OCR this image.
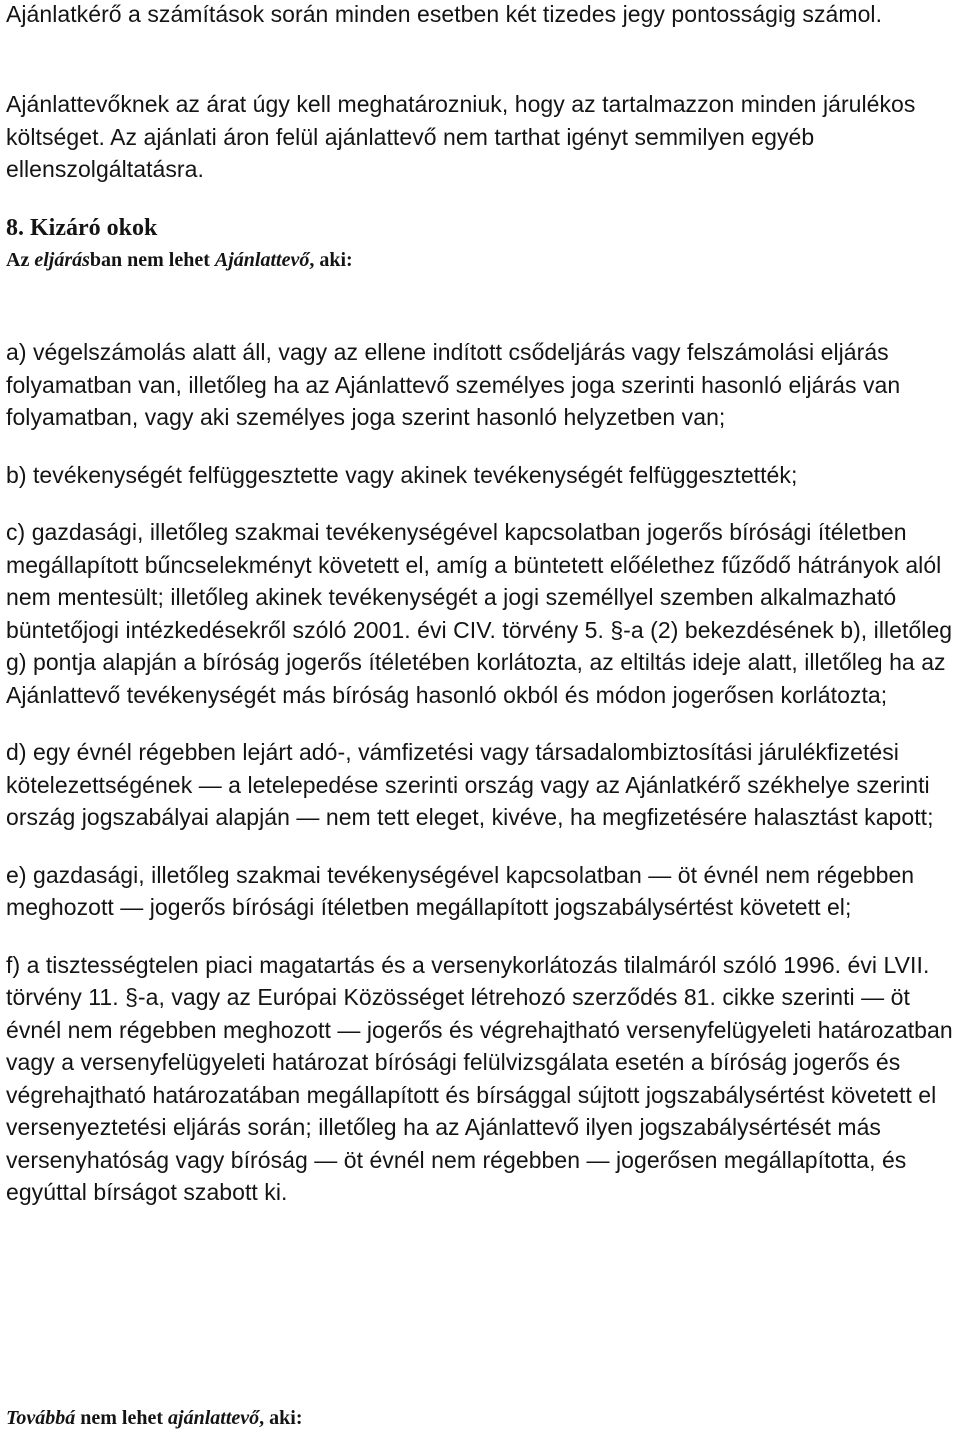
Ajánlatkérő a számítások során minden esetben két tizedes jegy pontosságig számol.

Ajánlattevőknek az árat úgy kell meghatározniuk, hogy az tartalmazzon minden járulékos költséget. Az ajánlati áron felül ajánlattevő nem tarthat igényt semmilyen egyéb ellenszolgáltatásra.

8. Kizáró okok

Az eljárásban nem lehet Ajánlattevő, aki:

a) végelszámolás alatt áll, vagy az ellene indított csődeljárás vagy felszámolási eljárás folyamatban van, illetőleg ha az Ajánlattevő személyes joga szerinti hasonló eljárás van folyamatban, vagy aki személyes joga szerint hasonló helyzetben van;

b) tevékenységét felfüggesztette vagy akinek tevékenységét felfüggesztették;

c) gazdasági, illetőleg szakmai tevékenységével kapcsolatban jogerős bírósági ítéletben megállapított bűncselekményt követett el, amíg a büntetett előélethez fűződő hátrányok alól nem mentesült; illetőleg akinek tevékenységét a jogi személlyel szemben alkalmazható büntetőjogi intézkedésekről szóló 2001. évi CIV. törvény 5. §-a (2) bekezdésének b), illetőleg g) pontja alapján a bíróság jogerős ítéletében korlátozta, az eltiltás ideje alatt, illetőleg ha az Ajánlattevő tevékenységét más bíróság hasonló okból és módon jogerősen korlátozta;

d) egy évnél régebben lejárt adó-, vámfizetési vagy társadalombiztosítási járulékfizetési kötelezettségének — a letelepedése szerinti ország vagy az Ajánlatkérő székhelye szerinti ország jogszabályai alapján — nem tett eleget, kivéve, ha megfizetésére halasztást kapott;

e) gazdasági, illetőleg szakmai tevékenységével kapcsolatban — öt évnél nem régebben meghozott — jogerős bírósági ítéletben megállapított jogszabálysértést követett el;

f) a tisztességtelen piaci magatartás és a versenykorlátozás tilalmáról szóló 1996. évi LVII. törvény 11. §-a, vagy az Európai Közösséget létrehozó szerződés 81. cikke szerinti — öt évnél nem régebben meghozott — jogerős és végrehajtható versenyfelügyeleti határozatban vagy a versenyfelügyeleti határozat bírósági felülvizsgálata esetén a bíróság jogerős és végrehajtható határozatában megállapított és bírsággal sújtott jogszabálysértést követett el versenyeztetési eljárás során; illetőleg ha az Ajánlattevő ilyen jogszabálysértését más versenyhatóság vagy bíróság — öt évnél nem régebben — jogerősen megállapította, és egyúttal bírságot szabott ki.

Továbbá nem lehet ajánlattevő, aki:
